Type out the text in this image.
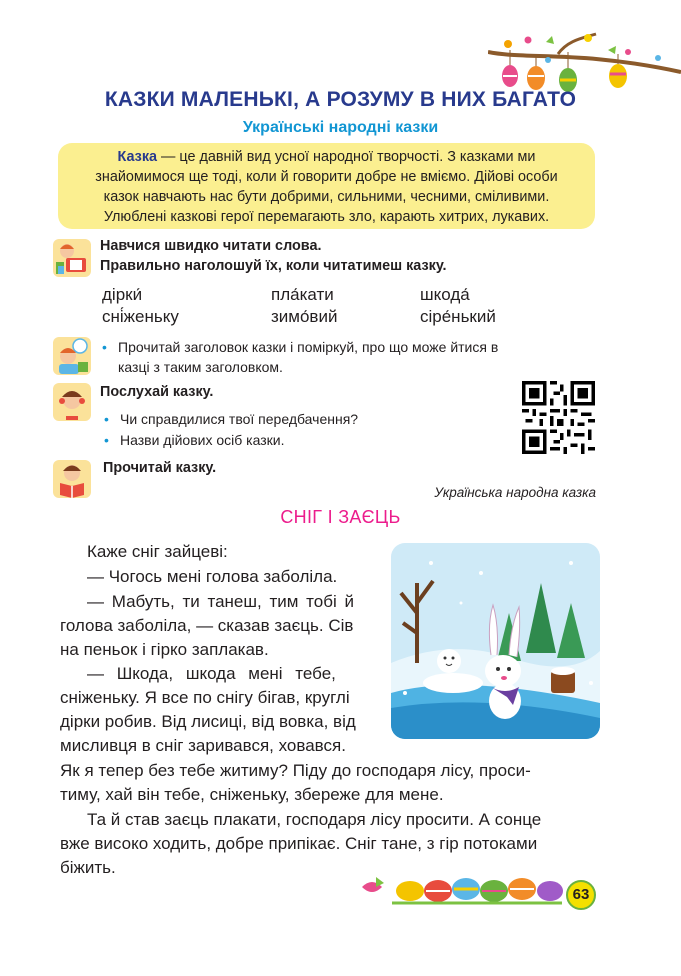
КАЗКИ МАЛЕНЬКІ, А РОЗУМУ В НИХ БАГАТО
Українські народні казки
Казка — це давній вид усної народної творчості. З казками ми
знайомимося ще тоді, коли й говорити добре не вміємо. Дійові особи
казок навчають нас бути добрими, сильними, чесними, сміливими.
Улюблені казкові герої перемагають зло, карають хитрих, лукавих.
Навчися швидко читати слова.
Правильно наголошуй їх, коли читатимеш казку.
дірки́	пла́кати	шкода́
сні́женьку	зимо́вий	сіре́нький
• Прочитай заголовок казки і поміркуй, про що може йтися в
казці з таким заголовком.
Послухай казку.
• Чи справдилися твої передбачення?
• Назви дійових осіб казки.
Прочитай казку.
Українська народна казка
СНІГ І ЗАЄЦЬ
Каже сніг зайцеві:
— Чогось мені голова заболіла.
— Мабуть, ти танеш, тим тобі й
голова заболіла, — сказав заєць. Сів
на пеньок і гірко заплакав.
— Шкода, шкода мені тебе,
сніженьку. Я все по снігу бігав, круглі
дірки робив. Від лисиці, від вовка, від
мисливця в сніг заривався, ховався.
Як я тепер без тебе житиму? Піду до господаря лісу, проси-
тиму, хай він тебе, сніженьку, збереже для мене.
Та й став заєць плакати, господаря лісу просити. А сонце
вже високо ходить, добре припікає. Сніг тане, з гір потоками
біжить.
63
